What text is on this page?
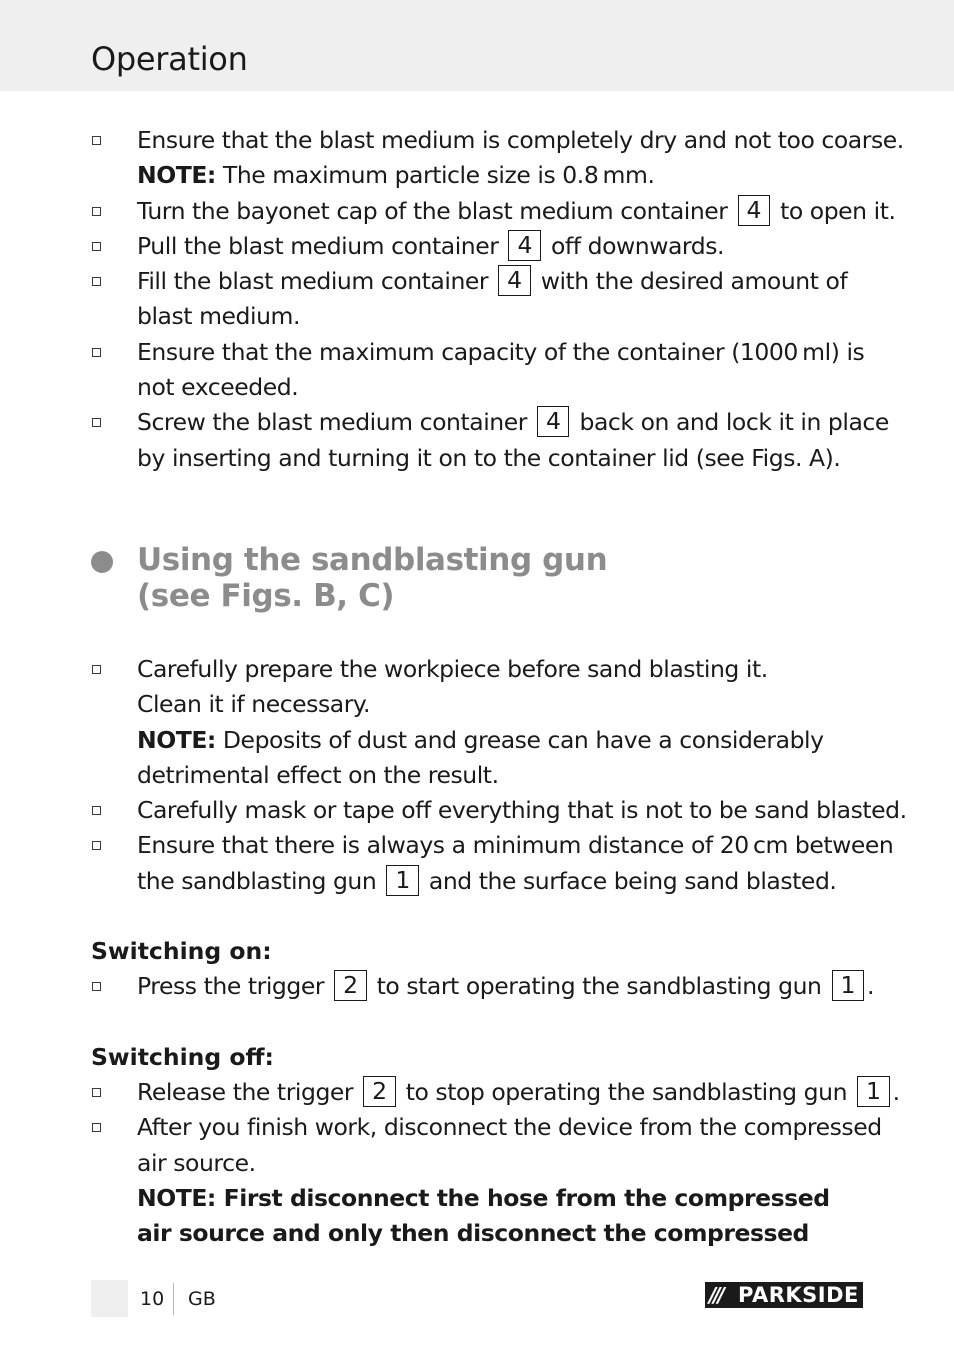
Operation
Ensure that the blast medium is completely dry and not too coarse.
NOTE: The maximum particle size is 0.8 mm.
Turn the bayonet cap of the blast medium container 4 to open it.
Pull the blast medium container 4 off downwards.
Fill the blast medium container 4 with the desired amount of
blast medium.
Ensure that the maximum capacity of the container (1000 ml) is
not exceeded.
Screw the blast medium container 4 back on and lock it in place
by inserting and turning it on to the container lid (see Figs. A).
Using the sandblasting gun
(see Figs. B, C)
Carefully prepare the workpiece before sand blasting it.
Clean it if necessary.
NOTE: Deposits of dust and grease can have a considerably
detrimental effect on the result.
Carefully mask or tape off everything that is not to be sand blasted.
Ensure that there is always a minimum distance of 20 cm between
the sandblasting gun 1 and the surface being sand blasted.
Switching on:
Press the trigger 2 to start operating the sandblasting gun 1 .
Switching off:
Release the trigger 2 to stop operating the sandblasting gun 1 .
After you finish work, disconnect the device from the compressed
air source.
NOTE: First disconnect the hose from the compressed
air source and only then disconnect the compressed
10 GB	/// PARKSIDE
